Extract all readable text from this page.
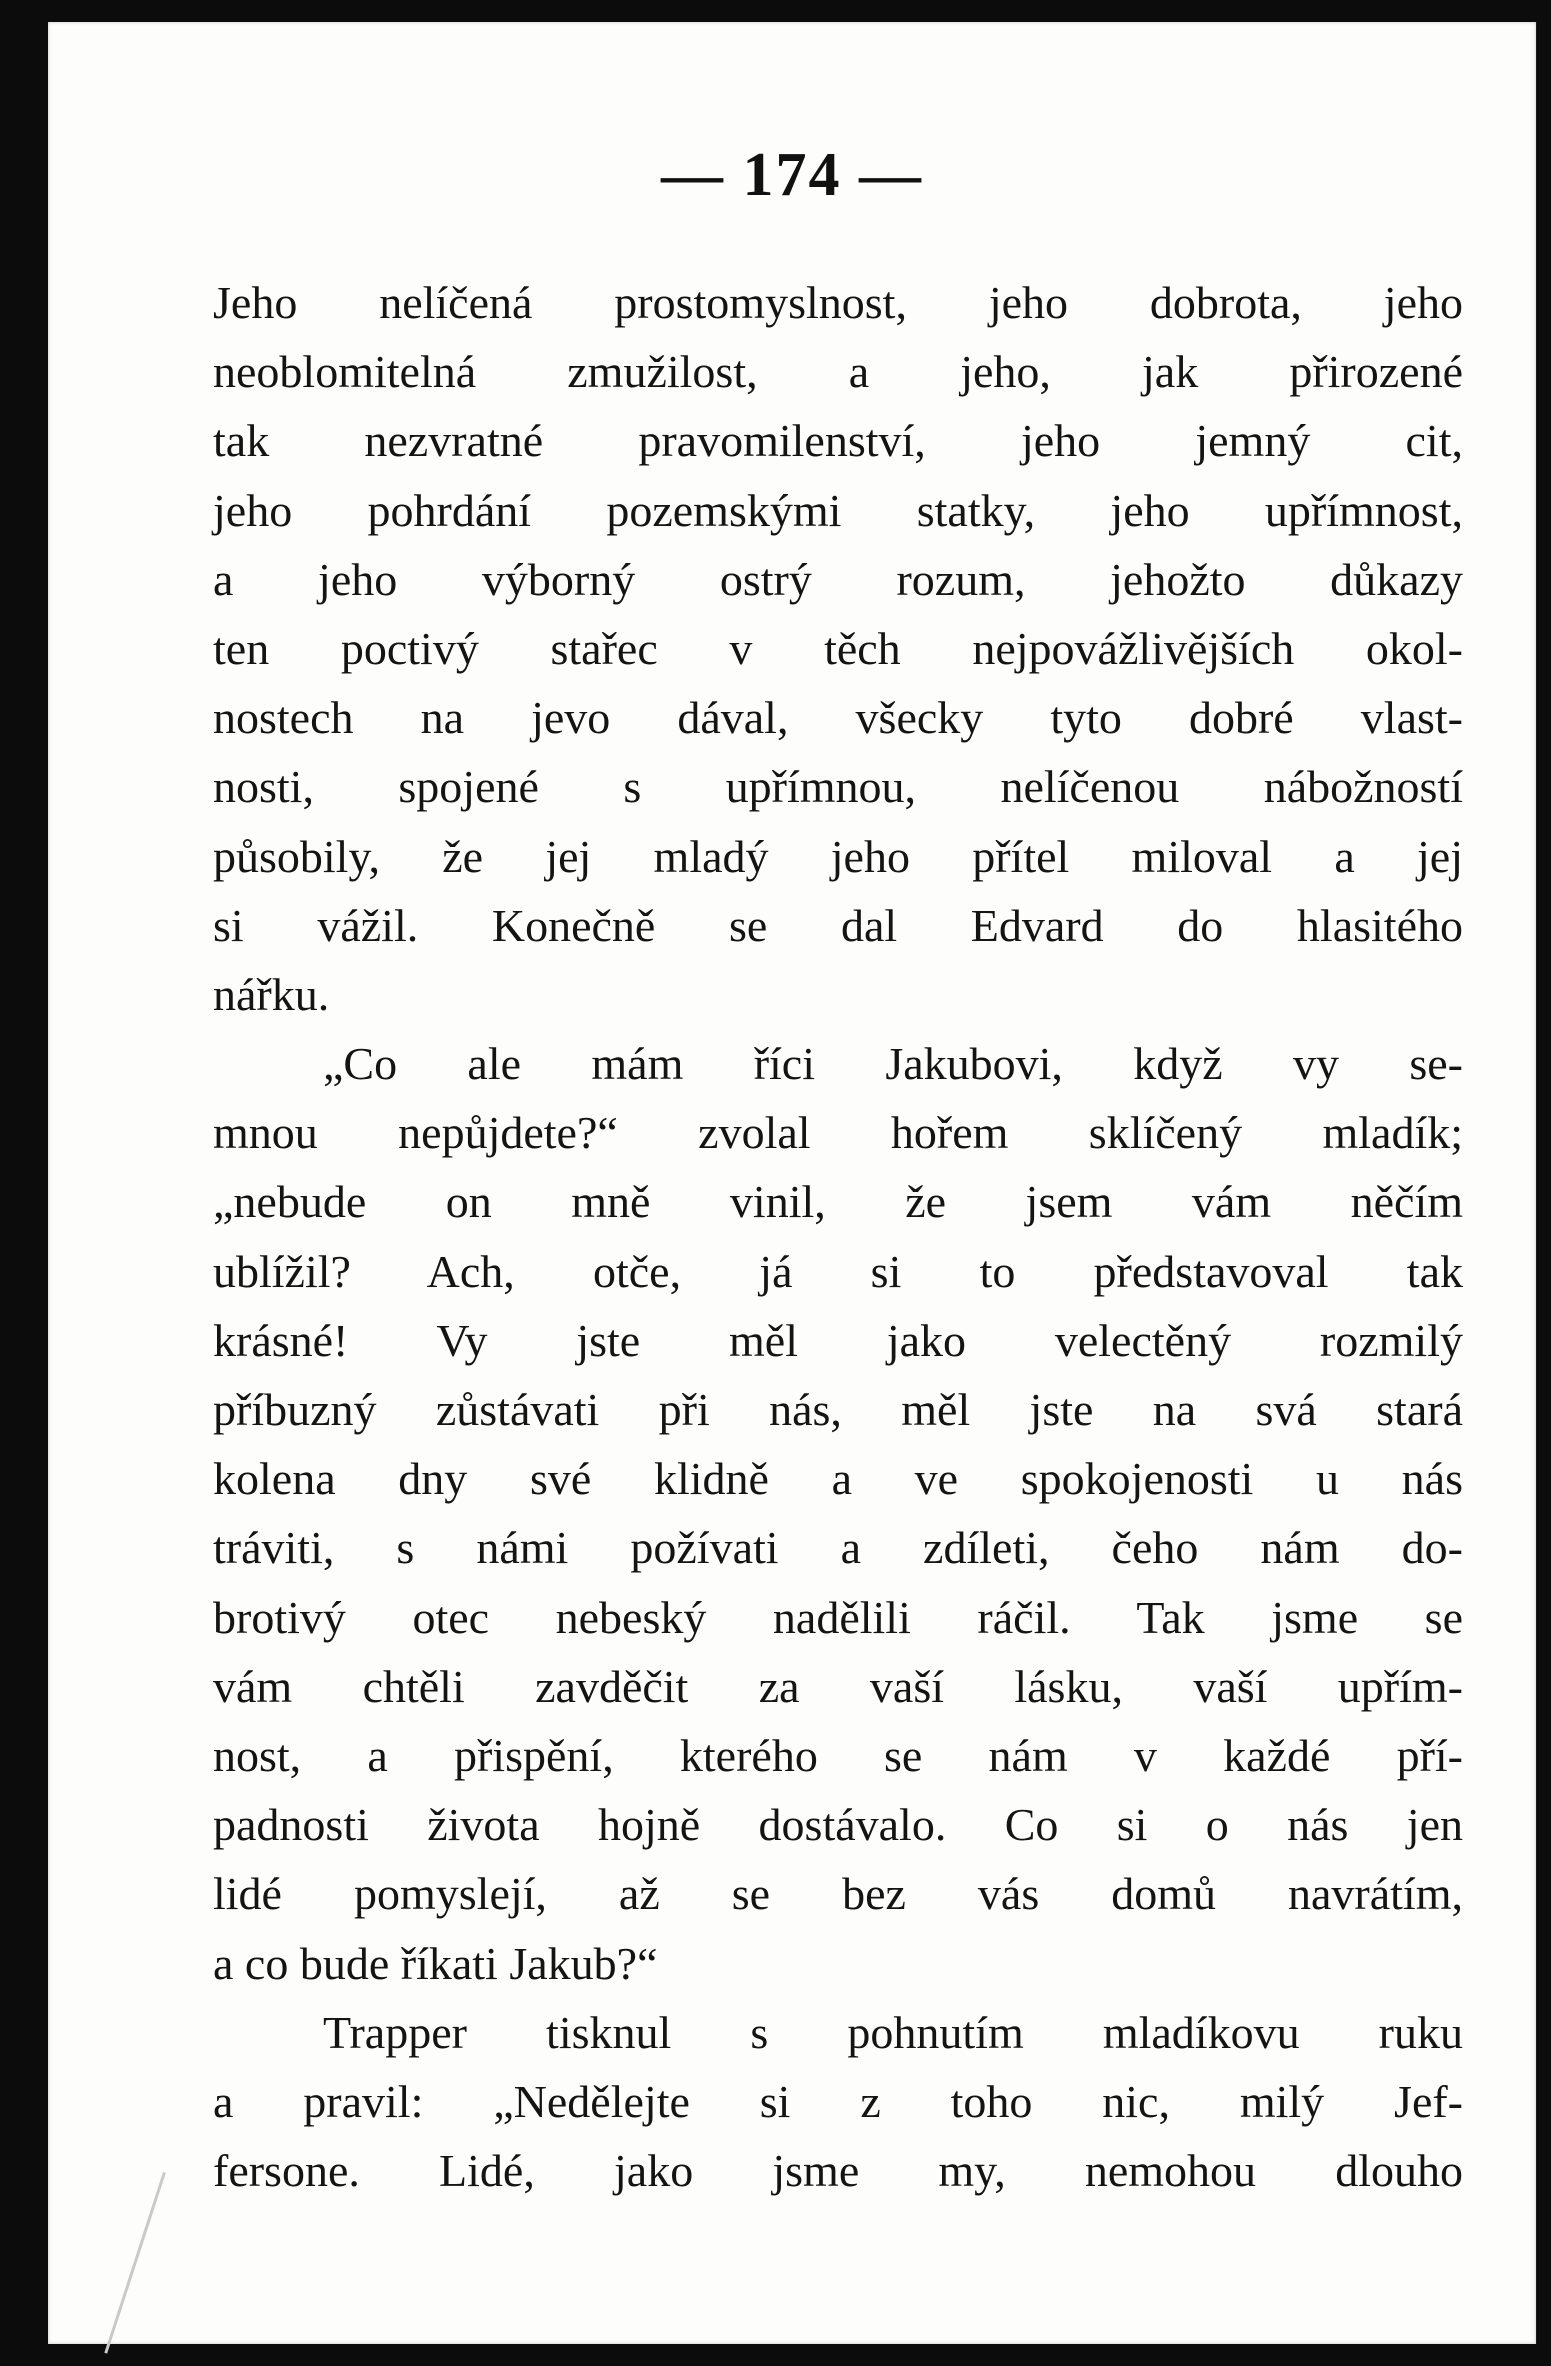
— 174 —
Jeho nelíčená prostomyslnost, jeho dobrota, jeho
neoblomitelná zmužilost, a jeho, jak přirozené
tak nezvratné pravomilenství, jeho jemný cit,
jeho pohrdání pozemskými statky, jeho upřímnost,
a jeho výborný ostrý rozum, jehožto důkazy
ten poctivý stařec v těch nejpovážlivějších okol-
nostech na jevo dával, všecky tyto dobré vlast-
nosti, spojené s upřímnou, nelíčenou nábožností
působily, že jej mladý jeho přítel miloval a jej
si vážil. Konečně se dal Edvard do hlasitého
nářku.
„Co ale mám říci Jakubovi, když vy se-
mnou nepůjdete?“ zvolal hořem sklíčený mladík;
„nebude on mně vinil, že jsem vám něčím
ublížil? Ach, otče, já si to představoval tak
krásné! Vy jste měl jako velectěný rozmilý
příbuzný zůstávati při nás, měl jste na svá stará
kolena dny své klidně a ve spokojenosti u nás
tráviti, s námi požívati a zdíleti, čeho nám do-
brotivý otec nebeský nadělili ráčil. Tak jsme se
vám chtěli zavděčit za vaší lásku, vaší upřím-
nost, a přispění, kterého se nám v každé pří-
padnosti života hojně dostávalo. Co si o nás jen
lidé pomyslejí, až se bez vás domů navrátím,
a co bude říkati Jakub?“
Trapper tisknul s pohnutím mladíkovu ruku
a pravil: „Nedělejte si z toho nic, milý Jef-
fersone. Lidé, jako jsme my, nemohou dlouho
